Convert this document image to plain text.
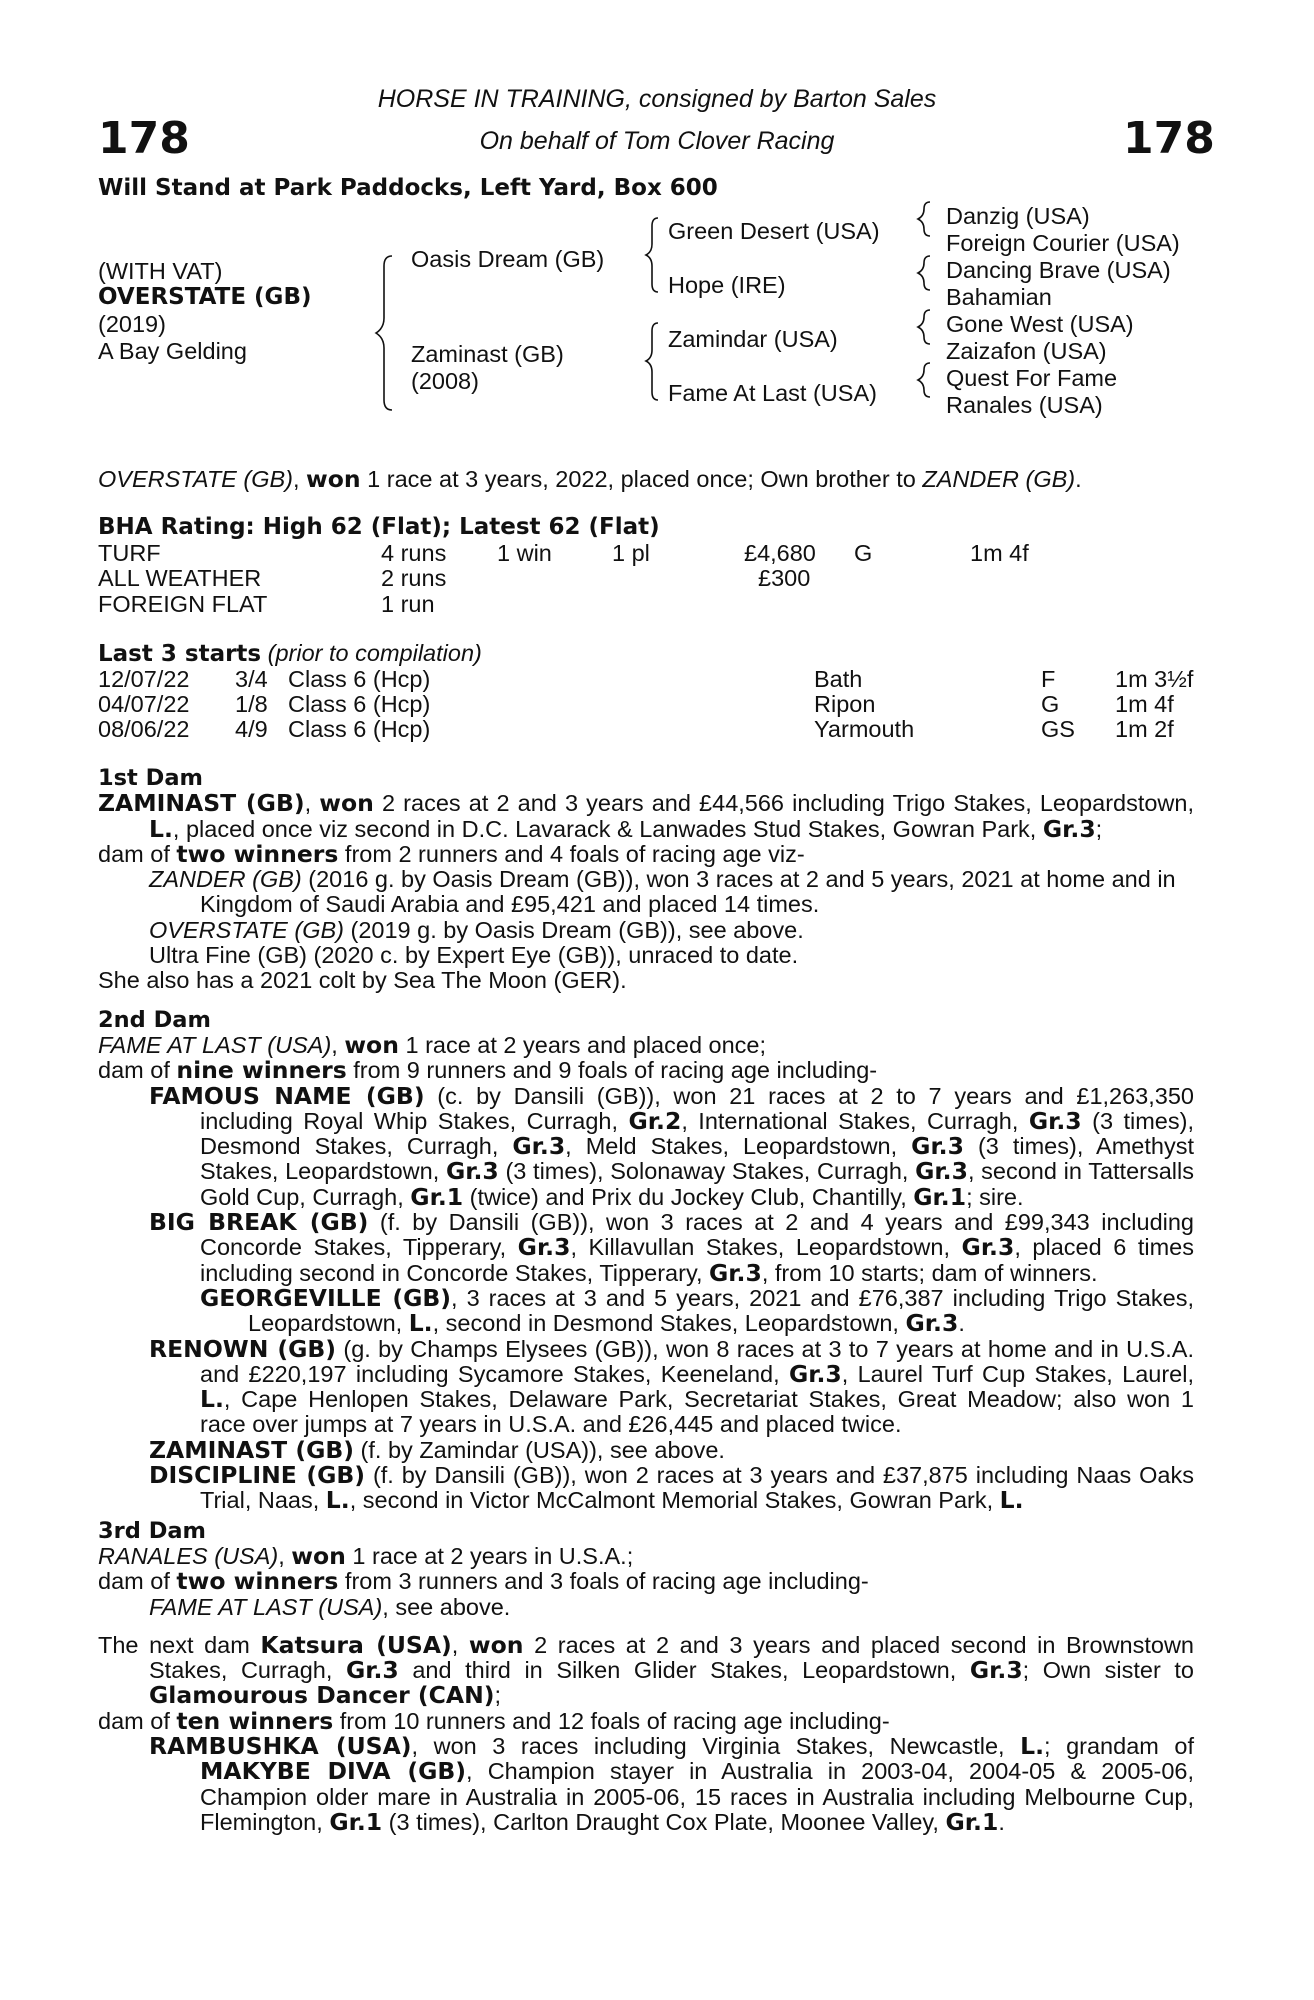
178	178
HORSE IN TRAINING, consigned by Barton Sales
On behalf of Tom Clover Racing
Will Stand at Park Paddocks, Left Yard, Box 600
(WITH VAT)
OVERSTATE (GB)
(2019)
A Bay Gelding
Oasis Dream (GB)
Zaminast (GB)
(2008)
Green Desert (USA)
Hope (IRE)
Zamindar (USA)
Fame At Last (USA)
Danzig (USA)
Foreign Courier (USA)
Dancing Brave (USA)
Bahamian
Gone West (USA)
Zaizafon (USA)
Quest For Fame
Ranales (USA)
OVERSTATE (GB), won 1 race at 3 years, 2022, placed once; Own brother to ZANDER (GB).
BHA Rating: High 62 (Flat); Latest 62 (Flat)
TURF	4 runs 1 win	1 pl	£4,680 G	1m 4f
ALL WEATHER	2 runs	£300
FOREIGN FLAT	1 run
Last 3 starts (prior to compilation)
12/07/22 3/4 Class 6 (Hcp)	Bath	F	1m 3½f
04/07/22 1/8 Class 6 (Hcp)	Ripon	G 1m 4f
08/06/22 4/9 Class 6 (Hcp)	Yarmouth	GS 1m 2f

1st Dam

ZAMINAST (GB), won 2 races at 2 and 3 years and £44,566 including Trigo Stakes, Leopardstown, L., placed once viz second in D.C. Lavarack & Lanwades Stud Stakes, Gowran Park, Gr.3;

dam of two winners from 2 runners and 4 foals of racing age viz-

ZANDER (GB) (2016 g. by Oasis Dream (GB)), won 3 races at 2 and 5 years, 2021 at home and in Kingdom of Saudi Arabia and £95,421 and placed 14 times.

OVERSTATE (GB) (2019 g. by Oasis Dream (GB)), see above.

Ultra Fine (GB) (2020 c. by Expert Eye (GB)), unraced to date.

She also has a 2021 colt by Sea The Moon (GER).

2nd Dam

FAME AT LAST (USA), won 1 race at 2 years and placed once;

dam of nine winners from 9 runners and 9 foals of racing age including-

FAMOUS NAME (GB) (c. by Dansili (GB)), won 21 races at 2 to 7 years and £1,263,350 including Royal Whip Stakes, Curragh, Gr.2, International Stakes, Curragh, Gr.3 (3 times), Desmond Stakes, Curragh, Gr.3, Meld Stakes, Leopardstown, Gr.3 (3 times), Amethyst Stakes, Leopardstown, Gr.3 (3 times), Solonaway Stakes, Curragh, Gr.3, second in Tattersalls Gold Cup, Curragh, Gr.1 (twice) and Prix du Jockey Club, Chantilly, Gr.1; sire.

BIG BREAK (GB) (f. by Dansili (GB)), won 3 races at 2 and 4 years and £99,343 including Concorde Stakes, Tipperary, Gr.3, Killavullan Stakes, Leopardstown, Gr.3, placed 6 times including second in Concorde Stakes, Tipperary, Gr.3, from 10 starts; dam of winners.

GEORGEVILLE (GB), 3 races at 3 and 5 years, 2021 and £76,387 including Trigo Stakes, Leopardstown, L., second in Desmond Stakes, Leopardstown, Gr.3.

RENOWN (GB) (g. by Champs Elysees (GB)), won 8 races at 3 to 7 years at home and in U.S.A. and £220,197 including Sycamore Stakes, Keeneland, Gr.3, Laurel Turf Cup Stakes, Laurel, L., Cape Henlopen Stakes, Delaware Park, Secretariat Stakes, Great Meadow; also won 1 race over jumps at 7 years in U.S.A. and £26,445 and placed twice.

ZAMINAST (GB) (f. by Zamindar (USA)), see above.

DISCIPLINE (GB) (f. by Dansili (GB)), won 2 races at 3 years and £37,875 including Naas Oaks Trial, Naas, L., second in Victor McCalmont Memorial Stakes, Gowran Park, L.

3rd Dam

RANALES (USA), won 1 race at 2 years in U.S.A.;

dam of two winners from 3 runners and 3 foals of racing age including-

FAME AT LAST (USA), see above.

The next dam Katsura (USA), won 2 races at 2 and 3 years and placed second in Brownstown Stakes, Curragh, Gr.3 and third in Silken Glider Stakes, Leopardstown, Gr.3; Own sister to Glamourous Dancer (CAN);

dam of ten winners from 10 runners and 12 foals of racing age including-

RAMBUSHKA (USA), won 3 races including Virginia Stakes, Newcastle, L.; grandam of MAKYBE DIVA (GB), Champion stayer in Australia in 2003-04, 2004-05 & 2005-06, Champion older mare in Australia in 2005-06, 15 races in Australia including Melbourne Cup, Flemington, Gr.1 (3 times), Carlton Draught Cox Plate, Moonee Valley, Gr.1.
